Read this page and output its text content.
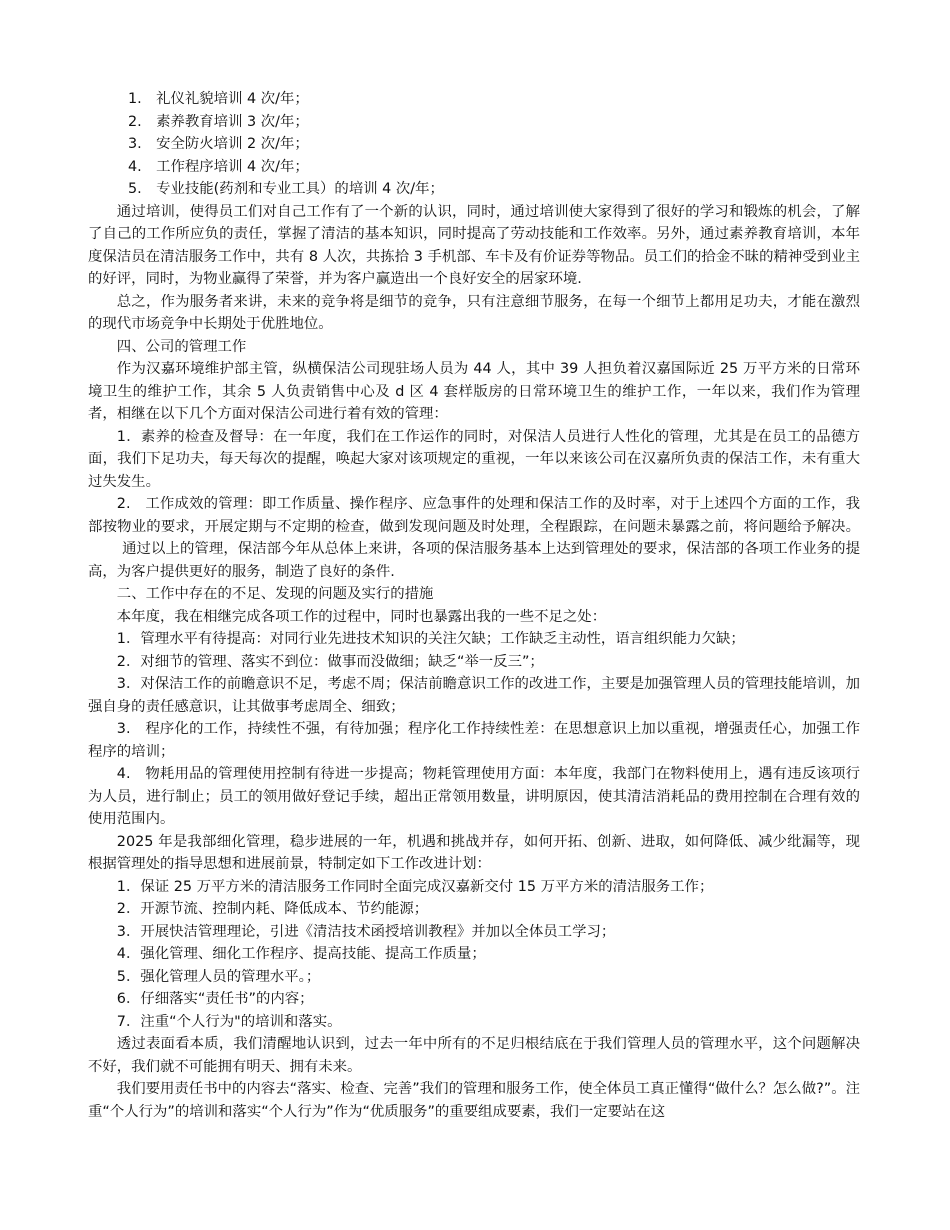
1.　礼仪礼貌培训 4 次/年；

2.　素养教育培训 3 次/年；

3.　安全防火培训 2 次/年；

4.　工作程序培训 4 次/年；

5.　专业技能(药剂和专业工具）的培训 4 次/年；

通过培训，使得员工们对自己工作有了一个新的认识，同时，通过培训使大家得到了很好的学习和锻炼的机会，了解了自己的工作所应负的责任，掌握了清洁的基本知识，同时提高了劳动技能和工作效率。另外，通过素养教育培训，本年度保洁员在清洁服务工作中，共有 8 人次，共拣拾 3 手机部、车卡及有价证券等物品。员工们的拾金不昧的精神受到业主的好评，同时，为物业赢得了荣誉，并为客户赢造出一个良好安全的居家环境.

总之，作为服务者来讲，未来的竞争将是细节的竞争，只有注意细节服务，在每一个细节上都用足功夫，才能在激烈的现代市场竞争中长期处于优胜地位。

四、公司的管理工作

作为汉嘉环境维护部主管，纵横保洁公司现驻场人员为 44 人，其中 39 人担负着汉嘉国际近 25 万平方米的日常环境卫生的维护工作，其余 5 人负责销售中心及 d 区 4 套样版房的日常环境卫生的维护工作，一年以来，我们作为管理者，相继在以下几个方面对保洁公司进行着有效的管理：

1．素养的检查及督导：在一年度，我们在工作运作的同时，对保洁人员进行人性化的管理，尤其是在员工的品德方面，我们下足功夫，每天每次的提醒，唤起大家对该项规定的重视，一年以来该公司在汉嘉所负责的保洁工作，未有重大过失发生。

2.　工作成效的管理：即工作质量、操作程序、应急事件的处理和保洁工作的及时率，对于上述四个方面的工作，我部按物业的要求，开展定期与不定期的检查，做到发现问题及时处理，全程跟踪，在问题未暴露之前，将问题给予解决。通过以上的管理，保洁部今年从总体上来讲，各项的保洁服务基本上达到管理处的要求，保洁部的各项工作业务的提高，为客户提供更好的服务，制造了良好的条件.

二、工作中存在的不足、发现的问题及实行的措施

本年度，我在相继完成各项工作的过程中，同时也暴露出我的一些不足之处：

1．管理水平有待提高：对同行业先进技术知识的关注欠缺；工作缺乏主动性，语言组织能力欠缺；

2．对细节的管理、落实不到位：做事而没做细；缺乏“举一反三”；

3．对保洁工作的前瞻意识不足，考虑不周；保洁前瞻意识工作的改进工作，主要是加强管理人员的管理技能培训，加强自身的责任感意识，让其做事考虑周全、细致；

3.　程序化的工作，持续性不强，有待加强；程序化工作持续性差：在思想意识上加以重视，增强责任心，加强工作程序的培训；

4.　物耗用品的管理使用控制有待进一步提高；物耗管理使用方面：本年度，我部门在物料使用上，遇有违反该项行为人员，进行制止；员工的领用做好登记手续，超出正常领用数量，讲明原因，使其清洁消耗品的费用控制在合理有效的使用范围内。

2025 年是我部细化管理，稳步进展的一年，机遇和挑战并存，如何开拓、创新、进取，如何降低、减少纰漏等，现根据管理处的指导思想和进展前景，特制定如下工作改进计划：

1．保证 25 万平方米的清洁服务工作同时全面完成汉嘉新交付 15 万平方米的清洁服务工作；

2．开源节流、控制内耗、降低成本、节约能源；

3．开展快洁管理理论，引进《清洁技术函授培训教程》并加以全体员工学习；

4．强化管理、细化工作程序、提高技能、提高工作质量；

5．强化管理人员的管理水平。；

6．仔细落实“责任书”的内容；

7．注重“个人行为"的培训和落实。

透过表面看本质，我们清醒地认识到，过去一年中所有的不足归根结底在于我们管理人员的管理水平，这个问题解决不好，我们就不可能拥有明天、拥有未来。

我们要用责任书中的内容去“落实、检查、完善”我们的管理和服务工作，使全体员工真正懂得“做什么？怎么做?”。注重“个人行为”的培训和落实“个人行为”作为“优质服务”的重要组成要素，我们一定要站在这
